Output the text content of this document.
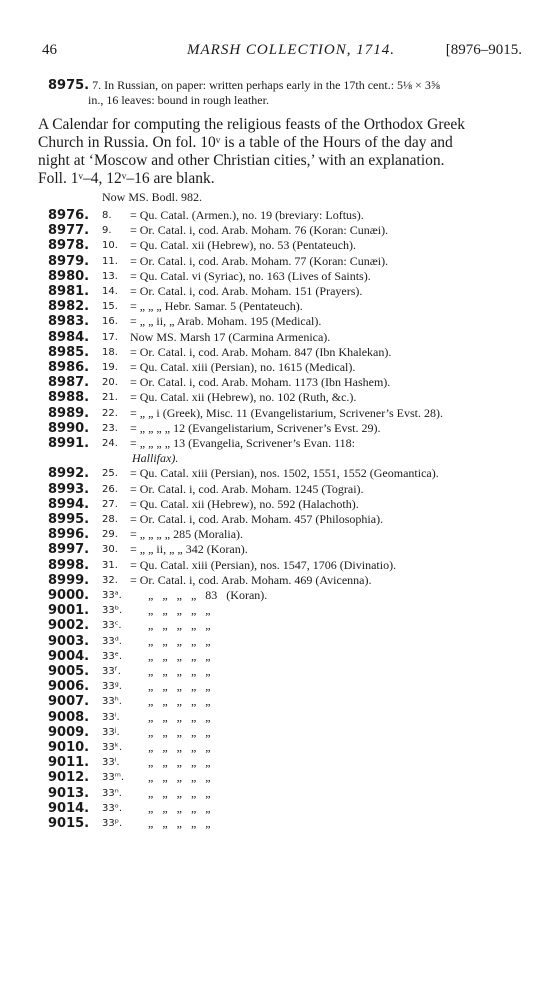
46	MARSH COLLECTION, 1714.	[8976–9015.
8975. 7. In Russian, on paper: written perhaps early in the 17th cent.: 5⅛ × 3⅝
in., 16 leaves: bound in rough leather.

A Calendar for computing the religious feasts of the Orthodox Greek

Church in Russia. On fol. 10ᵛ is a table of the Hours of the day and

night at ‘Moscow and other Christian cities,’ with an explanation.

Foll. 1ᵛ–4, 12ᵛ–16 are blank.

Now MS. Bodl. 982.
8976. 8. = Qu. Catal. (Armen.), no. 19 (breviary: Loftus).
8977. 9. = Or. Catal. i, cod. Arab. Moham. 76 (Koran: Cunæi).
8978. 10. = Qu. Catal. xii (Hebrew), no. 53 (Pentateuch).
8979. 11. = Or. Catal. i, cod. Arab. Moham. 77 (Koran: Cunæi).
8980. 13. = Qu. Catal. vi (Syriac), no. 163 (Lives of Saints).
8981. 14. = Or. Catal. i, cod. Arab. Moham. 151 (Prayers).
8982. 15. = „ „ „ Hebr. Samar. 5 (Pentateuch).
8983. 16. = „ „ ii, „ Arab. Moham. 195 (Medical).
8984. 17. Now MS. Marsh 17 (Carmina Armenica).
8985. 18. = Or. Catal. i, cod. Arab. Moham. 847 (Ibn Khalekan).
8986. 19. = Qu. Catal. xiii (Persian), no. 1615 (Medical).
8987. 20. = Or. Catal. i, cod. Arab. Moham. 1173 (Ibn Hashem).
8988. 21. = Qu. Catal. xii (Hebrew), no. 102 (Ruth, &c.).
8989. 22. = „ „ i (Greek), Misc. 11 (Evangelistarium, Scrivener’s Evst. 28).
8990. 23. = „ „ „ „ 12 (Evangelistarium, Scrivener’s Evst. 29).
8991. 24. = „ „ „ „ 13 (Evangelia, Scrivener’s Evan. 118:
Hallifax).
8992. 25. = Qu. Catal. xiii (Persian), nos. 1502, 1551, 1552 (Geomantica).
8993. 26. = Or. Catal. i, cod. Arab. Moham. 1245 (Tograi).
8994. 27. = Qu. Catal. xii (Hebrew), no. 592 (Halachoth).
8995. 28. = Or. Catal. i, cod. Arab. Moham. 457 (Philosophia).
8996. 29. = „ „ „ „ 285 (Moralia).
8997. 30. = „ „ ii, „ „ 342 (Koran).
8998. 31. = Qu. Catal. xiii (Persian), nos. 1547, 1706 (Divinatio).
8999. 32. = Or. Catal. i, cod. Arab. Moham. 469 (Avicenna).
9000. 33ᵃ. „ „ „ „ 83 (Koran).
9001. 33ᵇ. „ „ „ „ „
9002. 33ᶜ. „ „ „ „ „
9003. 33ᵈ. „ „ „ „ „
9004. 33ᵉ. „ „ „ „ „
9005. 33ᶠ. „ „ „ „ „
9006. 33ᵍ. „ „ „ „ „
9007. 33ʰ. „ „ „ „ „
9008. 33ⁱ. „ „ „ „ „
9009. 33ʲ. „ „ „ „ „
9010. 33ᵏ. „ „ „ „ „
9011. 33ˡ. „ „ „ „ „
9012. 33ᵐ. „ „ „ „ „
9013. 33ⁿ. „ „ „ „ „
9014. 33ᵒ. „ „ „ „ „
9015. 33ᵖ. „ „ „ „ „
